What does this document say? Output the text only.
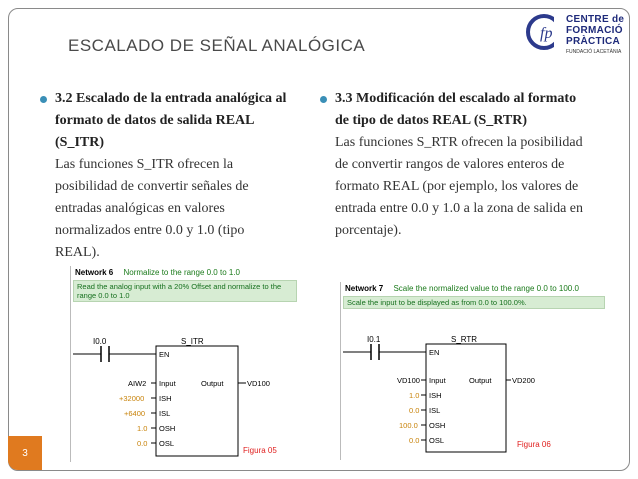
fp
CENTRE de
FORMACIÓ
PRÀCTICA
FUNDACIÓ LACETÀNIA
ESCALADO DE SEÑAL ANALÓGICA
3.2 Escalado de la entrada analógica al formato de datos de salida REAL (S_ITR)
Las funciones S_ITR ofrecen la posibilidad de convertir señales de entradas analógicas en valores normalizados entre 0.0 y 1.0 (tipo REAL).
3.3 Modificación del escalado al formato de tipo de datos REAL (S_RTR)
Las funciones S_RTR ofrecen la posibilidad de convertir rangos de valores enteros de formato REAL (por ejemplo, los valores de entrada entre 0.0 y 1.0 a la zona de salida en porcentaje).
Network 6 Normalize to the range 0.0 to 1.0
Read the analog input with a 20% Offset and normalize to the range 0.0 to 1.0
I0.0	S_ITR
EN
Output	VD100
AIW2 Input
+32000 ISH
+6400 ISL
1.0 OSH
0.0 OSL
Figura 05
Network 7 Scale the normalized value to the range 0.0 to 100.0
Scale the input to be displayed as from 0.0 to 100.0%.
I0.1	S_RTR
EN
Output	VD200
VD100 Input
1.0 ISH
0.0 ISL
100.0 OSH
0.0 OSL	Figura 06
3
